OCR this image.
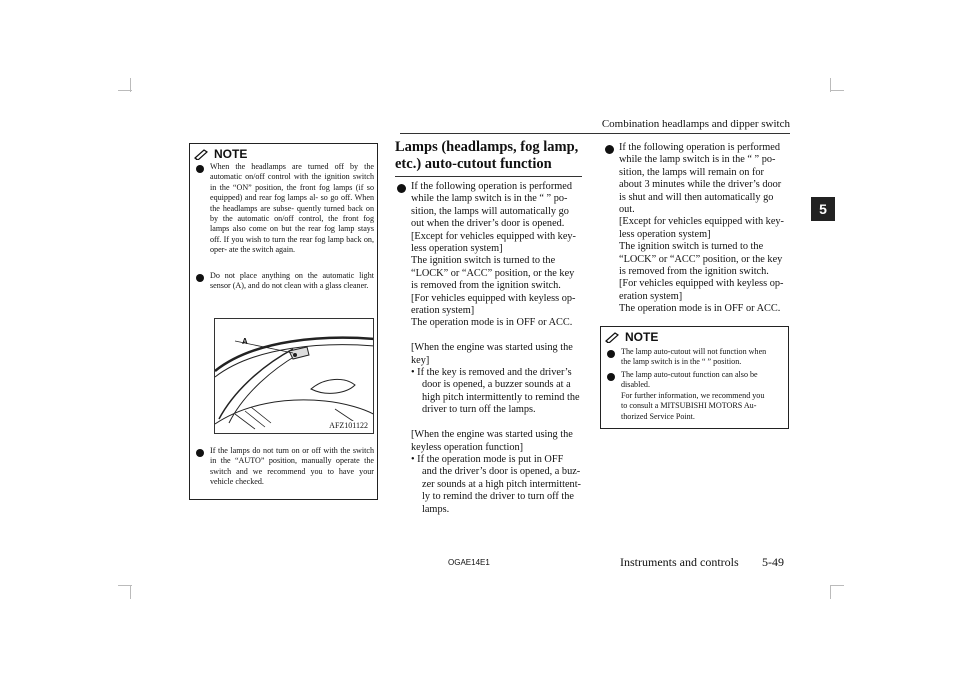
Combination headlamps and dipper switch
5
NOTE
When the headlamps are turned off by the automatic on/off control with the ignition switch in the “ON” position, the front fog lamps (if so equipped) and rear fog lamps al- so go off. When the headlamps are subse- quently turned back on by the automatic on/off control, the front fog lamps also come on but the rear fog lamp stays off. If you wish to turn the rear fog lamp back on, oper- ate the switch again.
Do not place anything on the automatic light sensor (A), and do not clean with a glass cleaner.
A
AFZ101122
If the lamps do not turn on or off with the switch in the “AUTO” position, manually operate the switch and we recommend you to have your vehicle checked.
Lamps (headlamps, fog lamp,
etc.) auto-cutout function
If the following operation is performed
while the lamp switch is in the “ ” po-
sition, the lamps will automatically go
out when the driver’s door is opened.
[Except for vehicles equipped with key-
less operation system]
The ignition switch is turned to the
“LOCK” or “ACC” position, or the key
is removed from the ignition switch.
[For vehicles equipped with keyless op-
eration system]
The operation mode is in OFF or ACC.
[When the engine was started using the
key]
• If the key is removed and the driver’s
door is opened, a buzzer sounds at a
high pitch intermittently to remind the
driver to turn off the lamps.
[When the engine was started using the
keyless operation function]
• If the operation mode is put in OFF
and the driver’s door is opened, a buz-
zer sounds at a high pitch intermittent-
ly to remind the driver to turn off the
lamps.
If the following operation is performed
while the lamp switch is in the “ ” po-
sition, the lamps will remain on for
about 3 minutes while the driver’s door
is shut and will then automatically go
out.
[Except for vehicles equipped with key-
less operation system]
The ignition switch is turned to the
“LOCK” or “ACC” position, or the key
is removed from the ignition switch.
[For vehicles equipped with keyless op-
eration system]
The operation mode is in OFF or ACC.
NOTE
The lamp auto-cutout will not function when
the lamp switch is in the “ ” position.
The lamp auto-cutout function can also be
disabled.
For further information, we recommend you
to consult a MITSUBISHI MOTORS Au-
thorized Service Point.
OGAE14E1	Instruments and controls 5-49
